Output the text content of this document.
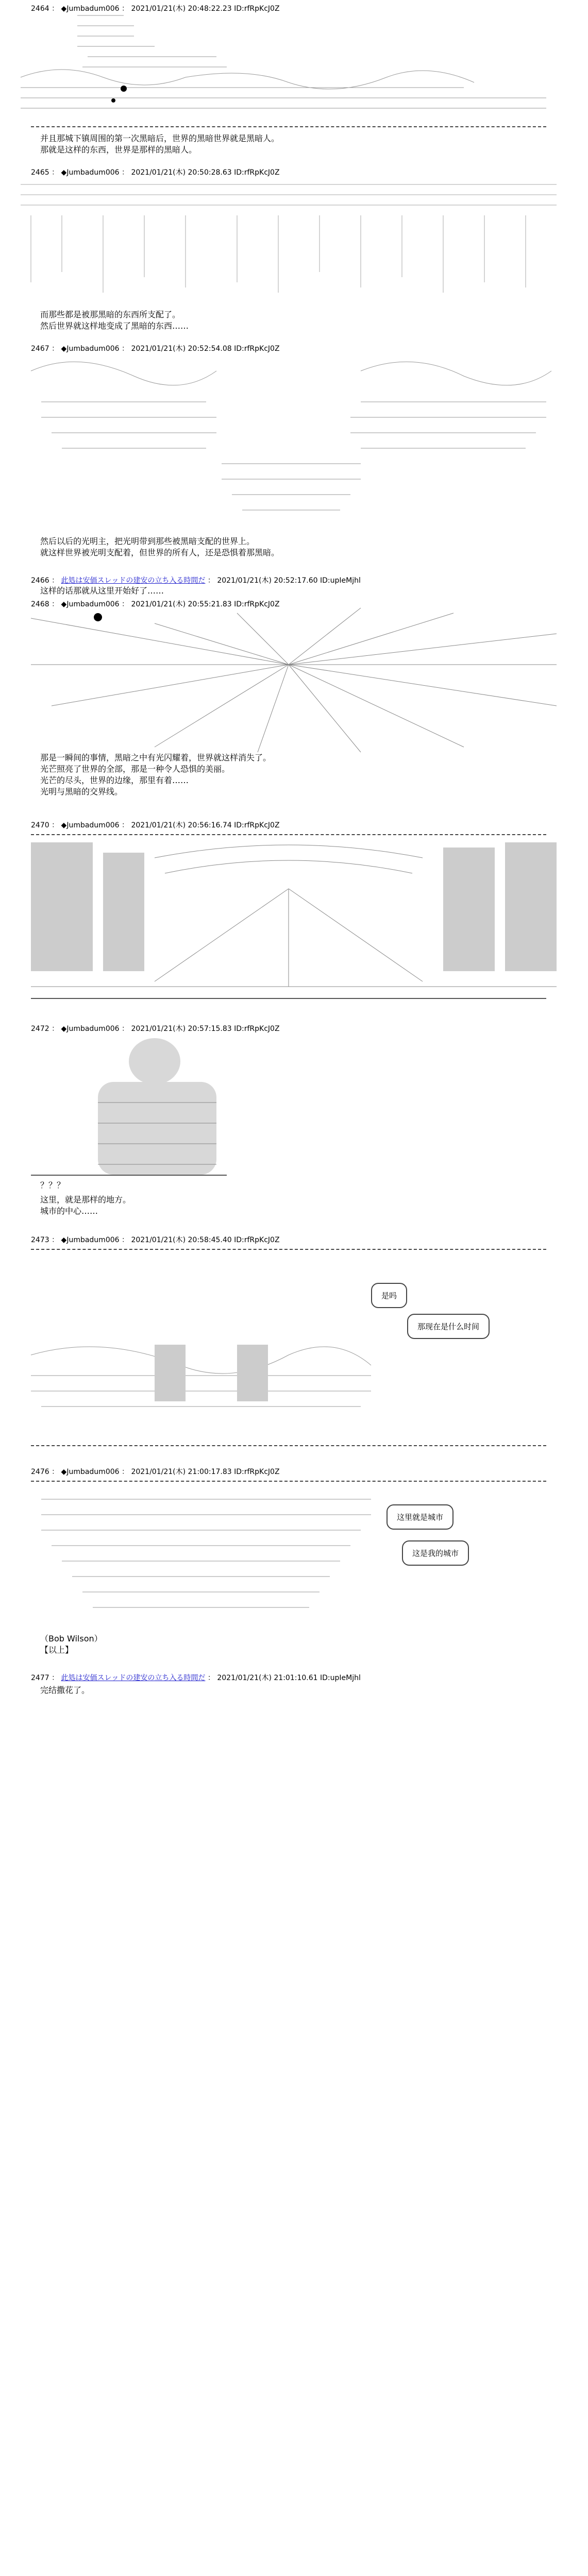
2464 ： ◆Jumbadum006 ： 2021/01/21(木) 20:48:22.23 ID:rfRpKcJ0Z
并且那城下镇周围的第一次黑暗后，世界的黑暗世界就是黑暗人。
那就是这样的东西，世界是那样的黑暗人。
2465 ： ◆Jumbadum006 ： 2021/01/21(木) 20:50:28.63 ID:rfRpKcJ0Z
而那些都是被那黑暗的东西所支配了。
然后世界就这样地变成了黑暗的东西……
2467 ： ◆Jumbadum006 ： 2021/01/21(木) 20:52:54.08 ID:rfRpKcJ0Z
然后以后的光明主，把光明带到那些被黑暗支配的世界上。
就这样世界被光明支配着，但世界的所有人，还是恐惧着那黑暗。
2466 ： 此処は安価スレッドの建安の立ち入る時間だ ： 2021/01/21(木) 20:52:17.60 ID:upIeMjhl
这样的话那就从这里开始好了……
2468 ： ◆Jumbadum006 ： 2021/01/21(木) 20:55:21.83 ID:rfRpKcJ0Z
那是一瞬间的事情，黑暗之中有光闪耀着，世界就这样消失了。
光芒照亮了世界的全部，那是一种令人恐惧的美丽。
光芒的尽头，世界的边缘，那里有着……
光明与黑暗的交界线。
2470 ： ◆Jumbadum006 ： 2021/01/21(木) 20:56:16.74 ID:rfRpKcJ0Z
2472 ： ◆Jumbadum006 ： 2021/01/21(木) 20:57:15.83 ID:rfRpKcJ0Z
？？？
这里，就是那样的地方。
城市的中心……
2473 ： ◆Jumbadum006 ： 2021/01/21(木) 20:58:45.40 ID:rfRpKcJ0Z
是吗
那现在是什么时间
2476 ： ◆Jumbadum006 ： 2021/01/21(木) 21:00:17.83 ID:rfRpKcJ0Z
这里就是城市
这是我的城市
（Bob Wilson）
【以上】
2477 ： 此処は安価スレッドの建安の立ち入る時間だ ： 2021/01/21(木) 21:01:10.61 ID:upIeMjhl
完结撒花了。
